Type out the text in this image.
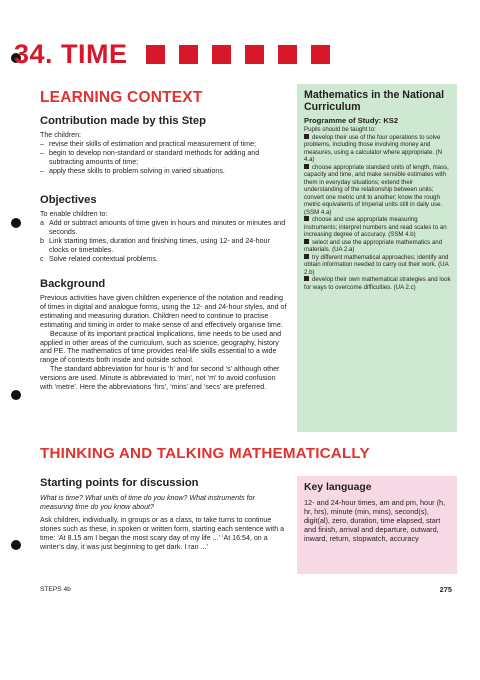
34. TIME
LEARNING CONTEXT
Contribution made by this Step

The children:

– revise their skills of estimation and practical measurement of time;
– begin to develop non-standard or standard methods for adding and subtracting amounts of time;
– apply these skills to problem solving in varied situations.
Objectives

To enable children to:

a Add or subtract amounts of time given in hours and minutes or minutes and seconds.
b Link starting times, duration and finishing times, using 12- and 24-hour clocks or timetables.
c Solve related contextual problems.
Background

Previous activities have given children experience of the notation and reading of times in digital and analogue forms, using the 12- and 24-hour styles, and of estimating and measuring duration. Children need to continue to practise estimating and timing in order to make sense of and effectively organise time.

Because of its important practical implications, time needs to be used and applied in other areas of the curriculum, such as science, geography, history and PE. The mathematics of time provides real-life skills essential to a wide range of contexts both inside and outside school.

The standard abbreviation for hour is ‘h’ and for second ‘s’ although other versions are used. Minute is abbreviated to ‘min’, not ‘m’ to avoid confusion with ‘metre’. Here the abbreviations ‘hrs’, ‘mins’ and ‘secs’ are preferred.

Mathematics in the National Curriculum
Programme of Study: KS2
Pupils should be taught to:
develop their use of the four operations to solve problems, including those involving money and measures, using a calculator where appropriate. (N 4.a)
choose appropriate standard units of length, mass, capacity and time, and make sensible estimates with them in everyday situations; extend their understanding of the relationship between units; convert one metric unit to another; know the rough metric equivalents of Imperial units still in daily use. (SSM 4.a)
choose and use appropriate measuring instruments; interpret numbers and read scales to an increasing degree of accuracy. (SSM 4.b)
select and use the appropriate mathematics and materials. (UA 2.a)
try different mathematical approaches; identify and obtain information needed to carry out their work. (UA 2.b)
develop their own mathematical strategies and look for ways to overcome difficulties. (UA 2.c)
THINKING AND TALKING MATHEMATICALLY
Starting points for discussion

What is time? What units of time do you know? What instruments for measuring time do you know about?

Ask children, individually, in groups or as a class, to take turns to continue stories such as these, in spoken or written form, starting each sentence with a time: ‘At 8.15 am I began the most scary day of my life ...’ ‘At 16:54, on a winter’s day, it was just beginning to get dark. I ran ...’

Key language
12- and 24-hour times, am and pm, hour (h, hr, hrs), minute (min, mins), second(s), digit(al), zero, duration, time elapsed, start and finish, arrival and departure, outward, inward, return, stopwatch, accuracy
STEPS 4b	275
